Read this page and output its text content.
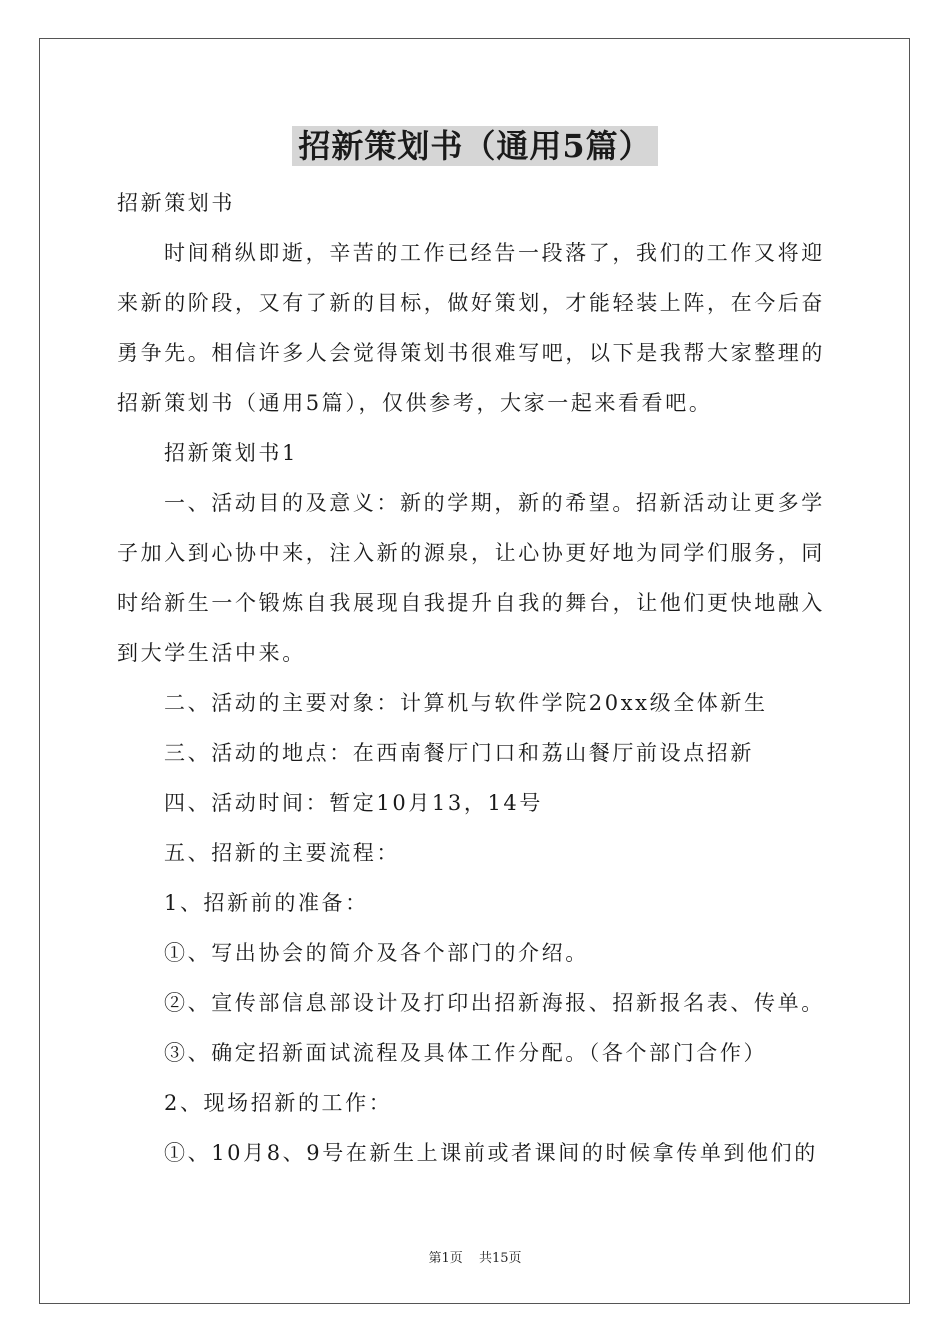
招新策划书（通用5篇）

招新策划书

时间稍纵即逝，辛苦的工作已经告一段落了，我们的工作又将迎

来新的阶段，又有了新的目标，做好策划，才能轻装上阵，在今后奋

勇争先。相信许多人会觉得策划书很难写吧，以下是我帮大家整理的

招新策划书（通用5篇），仅供参考，大家一起来看看吧。

招新策划书1

一、活动目的及意义：新的学期，新的希望。招新活动让更多学

子加入到心协中来，注入新的源泉，让心协更好地为同学们服务，同

时给新生一个锻炼自我展现自我提升自我的舞台，让他们更快地融入

到大学生活中来。

二、活动的主要对象：计算机与软件学院20xx级全体新生

三、活动的地点：在西南餐厅门口和荔山餐厅前设点招新

四、活动时间：暂定10月13，14号

五、招新的主要流程：

1、招新前的准备：

①、写出协会的简介及各个部门的介绍。

②、宣传部信息部设计及打印出招新海报、招新报名表、传单。

③、确定招新面试流程及具体工作分配。（各个部门合作）

2、现场招新的工作：

①、10月8、9号在新生上课前或者课间的时候拿传单到他们的

第1页 共15页
